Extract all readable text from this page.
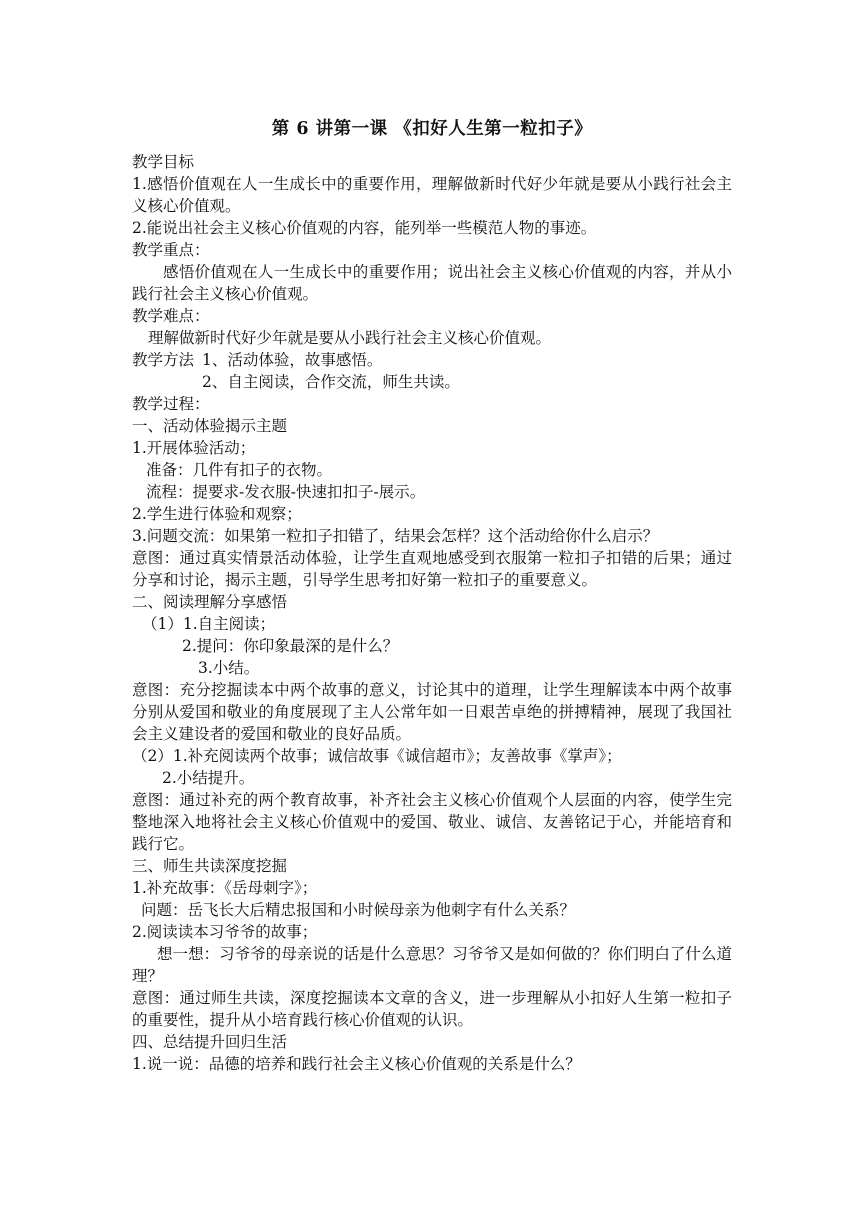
第 6 讲第一课 《扣好人生第一粒扣子》
教学目标
1.感悟价值观在人一生成长中的重要作用，理解做新时代好少年就是要从小践行社会主义核心价值观。
2.能说出社会主义核心价值观的内容，能列举一些模范人物的事迹。
教学重点：
感悟价值观在人一生成长中的重要作用；说出社会主义核心价值观的内容，并从小践行社会主义核心价值观。
教学难点：
理解做新时代好少年就是要从小践行社会主义核心价值观。
教学方法 1、活动体验，故事感悟。
2、自主阅读，合作交流，师生共读。
教学过程：
一、活动体验揭示主题
1.开展体验活动；
准备：几件有扣子的衣物。
流程：提要求-发衣服-快速扣扣子-展示。
2.学生进行体验和观察；
3.问题交流：如果第一粒扣子扣错了，结果会怎样？这个活动给你什么启示？
意图：通过真实情景活动体验，让学生直观地感受到衣服第一粒扣子扣错的后果；通过分享和讨论，揭示主题，引导学生思考扣好第一粒扣子的重要意义。
二、阅读理解分享感悟
（1）1.自主阅读；
2.提问：你印象最深的是什么？
3.小结。
意图：充分挖掘读本中两个故事的意义，讨论其中的道理，让学生理解读本中两个故事分别从爱国和敬业的角度展现了主人公常年如一日艰苦卓绝的拼搏精神，展现了我国社会主义建设者的爱国和敬业的良好品质。
（2）1.补充阅读两个故事；诚信故事《诚信超市》；友善故事《掌声》；
2.小结提升。
意图：通过补充的两个教育故事，补齐社会主义核心价值观个人层面的内容，使学生完整地深入地将社会主义核心价值观中的爱国、敬业、诚信、友善铭记于心，并能培育和践行它。
三、师生共读深度挖掘
1.补充故事：《岳母刺字》；
问题：岳飞长大后精忠报国和小时候母亲为他刺字有什么关系？
2.阅读读本习爷爷的故事；
想一想：习爷爷的母亲说的话是什么意思？习爷爷又是如何做的？你们明白了什么道理？
意图：通过师生共读，深度挖掘读本文章的含义，进一步理解从小扣好人生第一粒扣子的重要性，提升从小培育践行核心价值观的认识。
四、总结提升回归生活
1.说一说：品德的培养和践行社会主义核心价值观的关系是什么？
